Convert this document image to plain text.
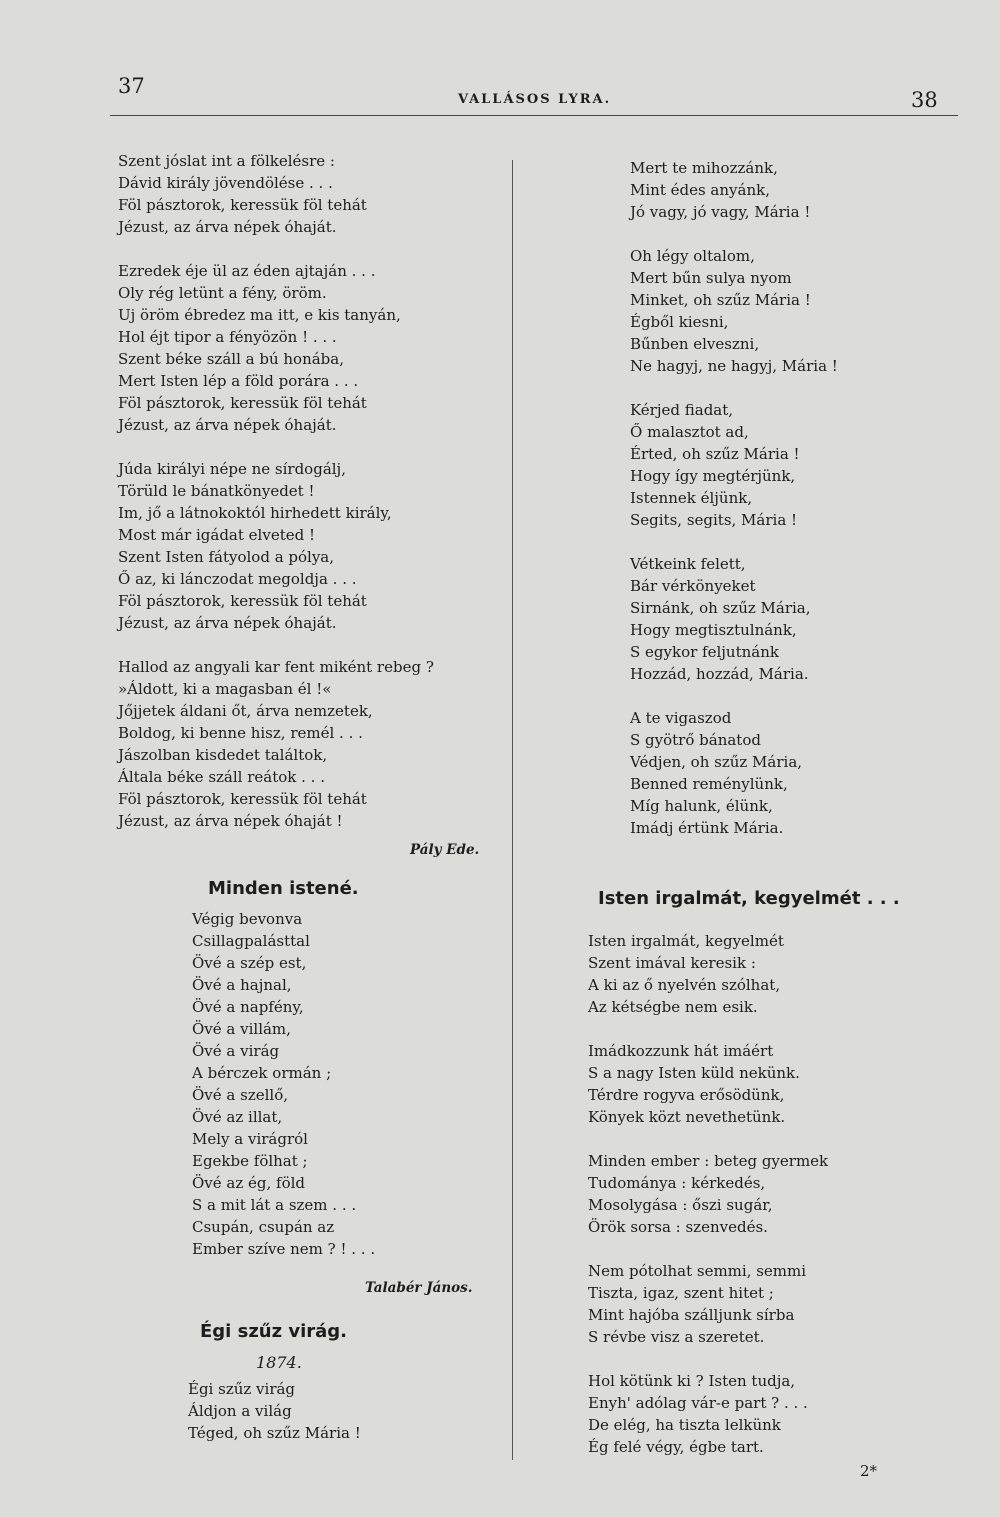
37
VALLÁSOS LYRA.	38
Szent jóslat int a fölkelésre :
Dávid király jövendölése . . .
Föl pásztorok, keressük föl tehát
Jézust, az árva népek óhaját.
Ezredek éje ül az éden ajtaján . . .
Oly rég letünt a fény, öröm.
Uj öröm ébredez ma itt, e kis tanyán,
Hol éjt tipor a fényözön ! . . .
Szent béke száll a bú honába,
Mert Isten lép a föld porára . . .
Föl pásztorok, keressük föl tehát
Jézust, az árva népek óhaját.
Júda királyi népe ne sírdogálj,
Törüld le bánatkönyedet !
Im, jő a látnokoktól hirhedett király,
Most már igádat elveted !
Szent Isten fátyolod a pólya,
Ő az, ki lánczodat megoldja . . .
Föl pásztorok, keressük föl tehát
Jézust, az árva népek óhaját.
Hallod az angyali kar fent miként rebeg ?
»Áldott, ki a magasban él !«
Jőjjetek áldani őt, árva nemzetek,
Boldog, ki benne hisz, remél . . .
Jászolban kisdedet találtok,
Általa béke száll reátok . . .
Föl pásztorok, keressük föl tehát
Jézust, az árva népek óhaját !
Pály Ede.
Minden istené.
Végig bevonva
Csillagpalásttal
Övé a szép est,
Övé a hajnal,
Övé a napfény,
Övé a villám,
Övé a virág
A bérczek ormán ;
Övé a szellő,
Övé az illat,
Mely a virágról
Egekbe fölhat ;
Övé az ég, föld
S a mit lát a szem . . .
Csupán, csupán az
Ember szíve nem ? ! . . .
Talabér János.
Égi szűz virág.
1874.
Égi szűz virág
Áldjon a világ
Téged, oh szűz Mária !
Mert te mihozzánk,
Mint édes anyánk,
Jó vagy, jó vagy, Mária !
Oh légy oltalom,
Mert bűn sulya nyom
Minket, oh szűz Mária !
Égből kiesni,
Bűnben elveszni,
Ne hagyj, ne hagyj, Mária !
Kérjed fiadat,
Ő malasztot ad,
Érted, oh szűz Mária !
Hogy így megtérjünk,
Istennek éljünk,
Segits, segits, Mária !
Vétkeink felett,
Bár vérkönyeket
Sirnánk, oh szűz Mária,
Hogy megtisztulnánk,
S egykor feljutnánk
Hozzád, hozzád, Mária.
A te vigaszod
S gyötrő bánatod
Védjen, oh szűz Mária,
Benned reménylünk,
Míg halunk, élünk,
Imádj értünk Mária.
Isten irgalmát, kegyelmét . . .
Isten irgalmát, kegyelmét
Szent imával keresik :
A ki az ő nyelvén szólhat,
Az kétségbe nem esik.
Imádkozzunk hát imáért
S a nagy Isten küld nekünk.
Térdre rogyva erősödünk,
Könyek közt nevethetünk.
Minden ember : beteg gyermek
Tudománya : kérkedés,
Mosolygása : őszi sugár,
Örök sorsa : szenvedés.
Nem pótolhat semmi, semmi
Tiszta, igaz, szent hitet ;
Mint hajóba szálljunk sírba
S révbe visz a szeretet.
Hol kötünk ki ? Isten tudja,
Enyh' adólag vár-e part ? . . .
De elég, ha tiszta lelkünk
Ég felé végy, égbe tart.
2*
